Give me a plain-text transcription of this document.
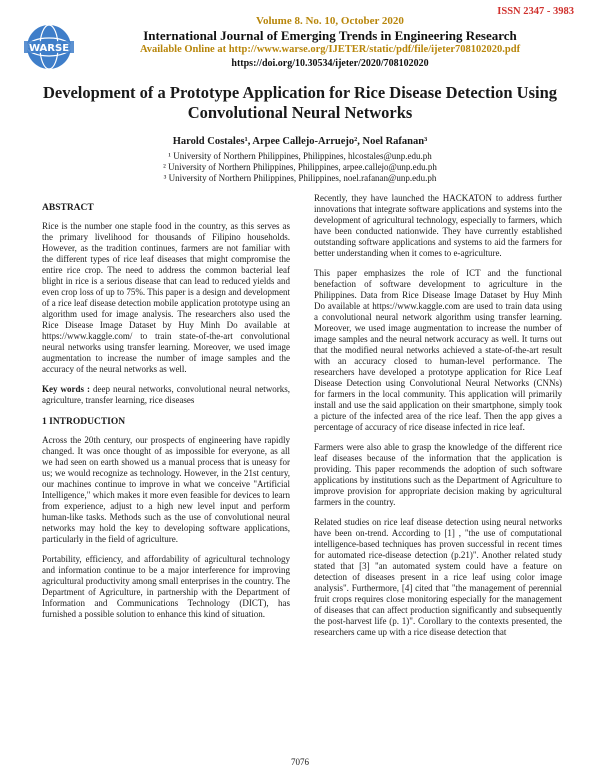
WARSE
ISSN 2347 - 3983
Volume 8. No. 10, October 2020
International Journal of Emerging Trends in Engineering Research
Available Online at http://www.warse.org/IJETER/static/pdf/file/ijeter708102020.pdf
https://doi.org/10.30534/ijeter/2020/708102020
Development of a Prototype Application for Rice Disease Detection Using Convolutional Neural Networks
Harold Costales¹, Arpee Callejo-Arruejo², Noel Rafanan³
¹ University of Northern Philippines, Philippines, hlcostales@unp.edu.ph
² University of Northern Philippines, Philippines, arpee.callejo@unp.edu.ph
³ University of Northern Philippines, Philippines, noel.rafanan@unp.edu.ph
ABSTRACT
Rice is the number one staple food in the country, as this serves as the primary livelihood for thousands of Filipino households. However, as the tradition continues, farmers are not familiar with the different types of rice leaf diseases that might compromise the entire rice crop. The need to address the common bacterial leaf blight in rice is a serious disease that can lead to reduced yields and even crop loss of up to 75%. This paper is a design and development of a rice leaf disease detection mobile application prototype using an algorithm used for image analysis. The researchers also used the Rice Disease Image Dataset by Huy Minh Do available at https://www.kaggle.com/ to train state-of-the-art convolutional neural networks using transfer learning. Moreover, we used image augmentation to increase the number of image samples and the accuracy of the neural networks as well.
Key words : deep neural networks, convolutional neural networks, agriculture, transfer learning, rice diseases
1 INTRODUCTION
Across the 20th century, our prospects of engineering have rapidly changed. It was once thought of as impossible for everyone, as all we had seen on earth showed us a manual process that is uneasy for us; we would recognize as technology. However, in the 21st century, our machines continue to improve in what we conceive "Artificial Intelligence," which makes it more even feasible for devices to learn from experience, adjust to a high new level input and perform human-like tasks. Methods such as the use of convolutional neural networks may hold the key to developing software applications, particularly in the field of agriculture.
Portability, efficiency, and affordability of agricultural technology and information continue to be a major interference for improving agricultural productivity among small enterprises in the country. The Department of Agriculture, in partnership with the Department of Information and Communications Technology (DICT), has furnished a possible solution to enhance this kind of situation.
Recently, they have launched the HACKATON to address further innovations that integrate software applications and systems into the development of agricultural technology, especially to farmers, which have been conducted nationwide. They have currently established outstanding software applications and systems to aid the farmers for better understanding when it comes to e-agriculture.
This paper emphasizes the role of ICT and the functional benefaction of software development to agriculture in the Philippines. Data from Rice Disease Image Dataset by Huy Minh Do available at https://www.kaggle.com are used to train data using a convolutional neural network algorithm using transfer learning. Moreover, we used image augmentation to increase the number of image samples and the neural network accuracy as well. It turns out that the modified neural networks achieved a state-of-the-art result with an accuracy closed to human-level performance. The researchers have developed a prototype application for Rice Leaf Disease Detection using Convolutional Neural Networks (CNNs) for farmers in the local community. This application will primarily install and use the said application on their smartphone, simply took a picture of the infected area of the rice leaf. Then the app gives a percentage of accuracy of rice disease infected in rice leaf.
Farmers were also able to grasp the knowledge of the different rice leaf diseases because of the information that the application is providing. This paper recommends the adoption of such software applications by institutions such as the Department of Agriculture to improve provision for appropriate decision making by agricultural farmers in the country.
Related studies on rice leaf disease detection using neural networks have been on-trend. According to [1] , "the use of computational intelligence-based techniques has proven successful in recent times for automated rice-disease detection (p.21)". Another related study stated that [3] "an automated system could have a feature on detection of diseases present in a rice leaf using color image analysis". Furthermore, [4] cited that "the management of perennial fruit crops requires close monitoring especially for the management of diseases that can affect production significantly and subsequently the post-harvest life (p. 1)". Corollary to the contexts presented, the researchers came up with a rice disease detection that
7076
